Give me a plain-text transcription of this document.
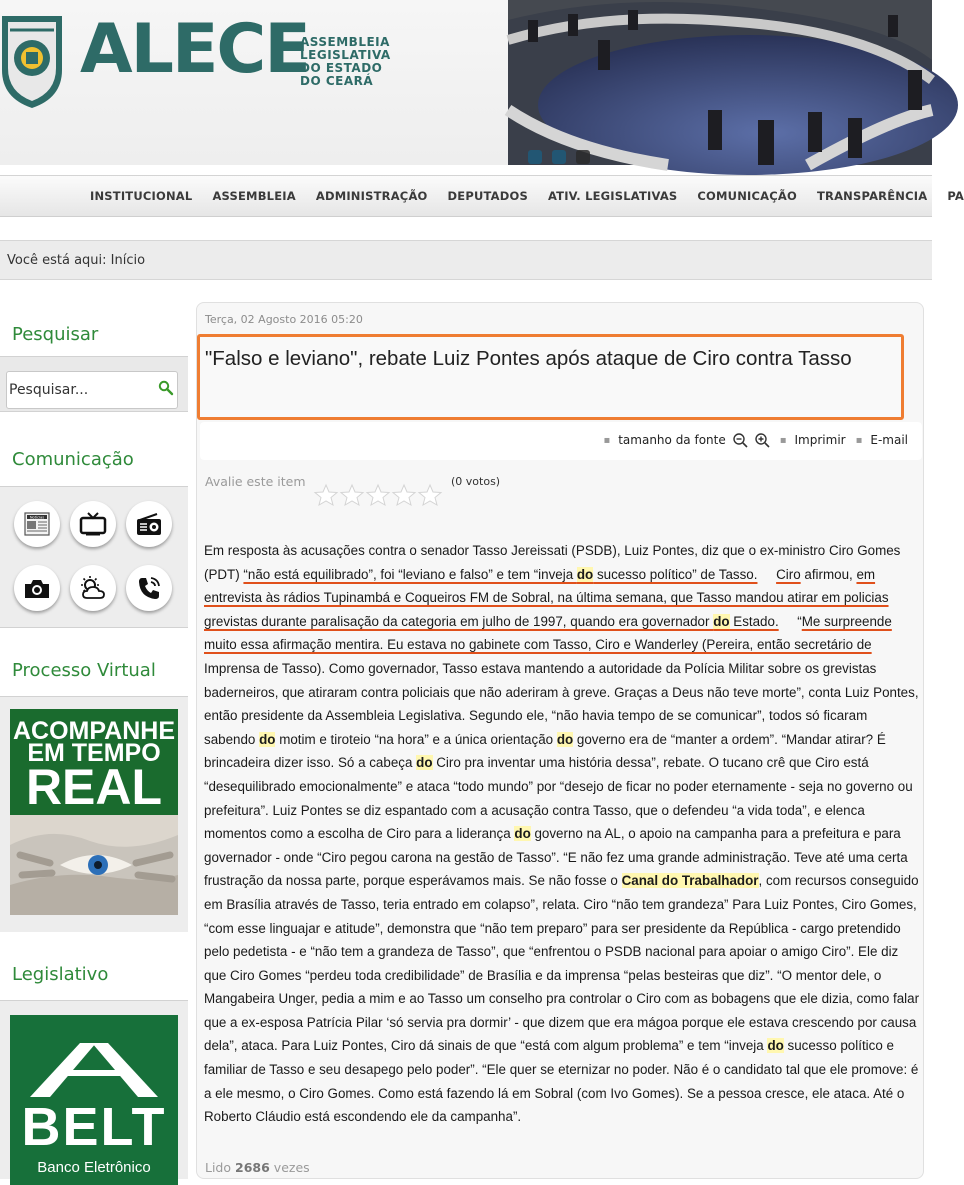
ALECE
ASSEMBLEIA
LEGISLATIVA
DO ESTADO
DO CEARÁ
INSTITUCIONAL ASSEMBLEIA ADMINISTRAÇÃO DEPUTADOS ATIV. LEGISLATIVAS COMUNICAÇÃO TRANSPARÊNCIA PA
Você está aqui:
Início
Pesquisar
Pesquisar...
Comunicação
Notícias
Processo Virtual
ACOMPANHE
EM TEMPO
REAL
Legislativo
BELT
Banco Eletrônico
Terça, 02 Agosto 2016 05:20
"Falso e leviano", rebate Luiz Pontes após ataque de Ciro contra Tasso
▪ tamanho da fonte	▪ Imprimir ▪ E-mail
Avalie este item	(0 votos)

Em resposta às acusações contra o senador Tasso Jereissati (PSDB), Luiz Pontes, diz que o ex-ministro Ciro Gomes (PDT) “não está equilibrado”, foi “leviano e falso” e tem “inveja do sucesso político” de Tasso. Ciro afirmou, em entrevista às rádios Tupinambá e Coqueiros FM de Sobral, na última semana, que Tasso mandou atirar em policias grevistas durante paralisação da categoria em julho de 1997, quando era governador do Estado.     “Me surpreende muito essa afirmação mentira. Eu estava no gabinete com Tasso, Ciro e Wanderley (Pereira, então secretário de Imprensa de Tasso). Como governador, Tasso estava mantendo a autoridade da Polícia Militar sobre os grevistas baderneiros, que atiraram contra policiais que não aderiram à greve. Graças a Deus não teve morte”, conta Luiz Pontes, então presidente da Assembleia Legislativa. Segundo ele, “não havia tempo de se comunicar”, todos só ficaram sabendo do motim e tiroteio “na hora” e a única orientação do governo era de “manter a ordem”. “Mandar atirar? É brincadeira dizer isso. Só a cabeça do Ciro pra inventar uma história dessa”, rebate. O tucano crê que Ciro está “desequilibrado emocionalmente” e ataca “todo mundo” por “desejo de ficar no poder eternamente - seja no governo ou prefeitura”. Luiz Pontes se diz espantado com a acusação contra Tasso, que o defendeu “a vida toda”, e elenca momentos como a escolha de Ciro para a liderança do governo na AL, o apoio na campanha para a prefeitura e para governador - onde “Ciro pegou carona na gestão de Tasso”. “E não fez uma grande administração. Teve até uma certa frustração da nossa parte, porque esperávamos mais. Se não fosse o Canal do Trabalhador, com recursos conseguido em Brasília através de Tasso, teria entrado em colapso”, relata. Ciro “não tem grandeza” Para Luiz Pontes, Ciro Gomes, “com esse linguajar e atitude”, demonstra que “não tem preparo” para ser presidente da República - cargo pretendido pelo pedetista - e “não tem a grandeza de Tasso”, que “enfrentou o PSDB nacional para apoiar o amigo Ciro”. Ele diz que Ciro Gomes “perdeu toda credibilidade” de Brasília e da imprensa “pelas besteiras que diz”. “O mentor dele, o Mangabeira Unger, pedia a mim e ao Tasso um conselho pra controlar o Ciro com as bobagens que ele dizia, como falar que a ex-esposa Patrícia Pilar ‘só servia pra dormir’ - que dizem que era mágoa porque ele estava crescendo por causa dela”, ataca. Para Luiz Pontes, Ciro dá sinais de que “está com algum problema” e tem “inveja do sucesso político e familiar de Tasso e seu desapego pelo poder”. “Ele quer se eternizar no poder. Não é o candidato tal que ele promove: é a ele mesmo, o Ciro Gomes. Como está fazendo lá em Sobral (com Ivo Gomes). Se a pessoa cresce, ele ataca. Até o Roberto Cláudio está escondendo ele da campanha”.

Lido 2686 vezes
